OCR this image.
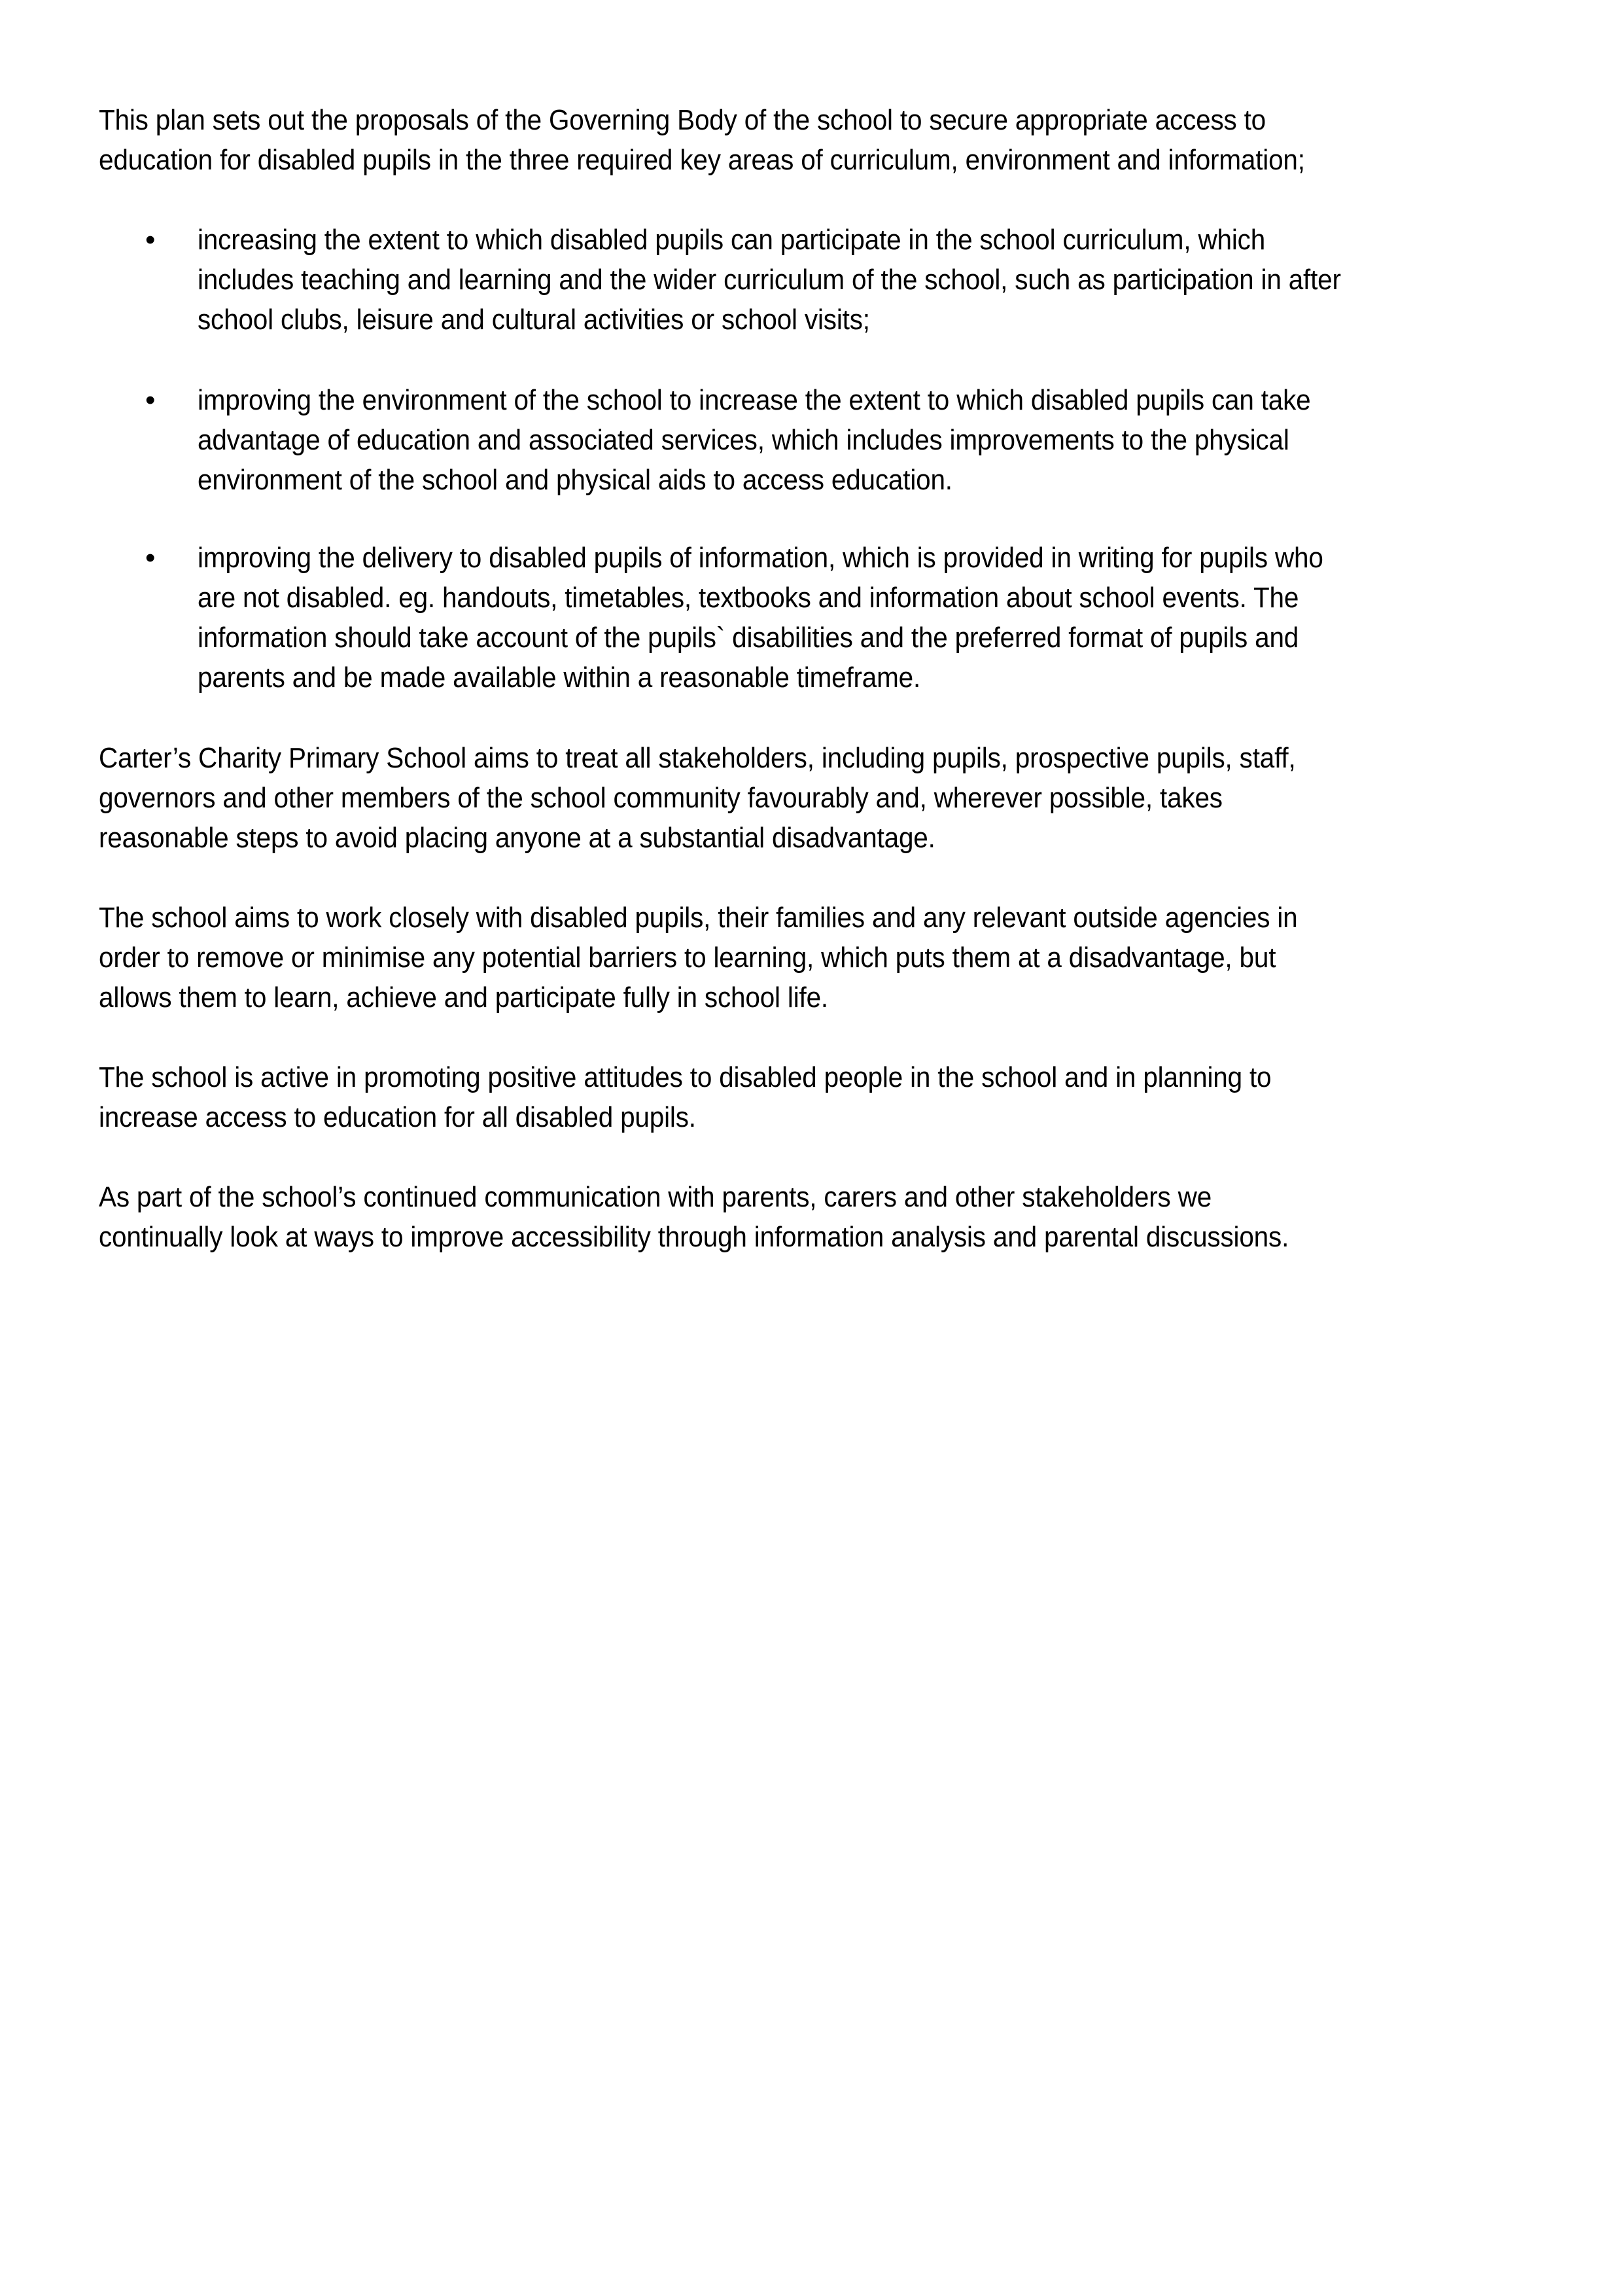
This plan sets out the proposals of the Governing Body of the school to secure appropriate access to
education for disabled pupils in the three required key areas of curriculum, environment and information;
• increasing the extent to which disabled pupils can participate in the school curriculum, which
includes teaching and learning and the wider curriculum of the school, such as participation in after
school clubs, leisure and cultural activities or school visits;
• improving the environment of the school to increase the extent to which disabled pupils can take
advantage of education and associated services, which includes improvements to the physical
environment of the school and physical aids to access education.
• improving the delivery to disabled pupils of information, which is provided in writing for pupils who
are not disabled. eg. handouts, timetables, textbooks and information about school events. The
information should take account of the pupils` disabilities and the preferred format of pupils and
parents and be made available within a reasonable timeframe.
Carter’s Charity Primary School aims to treat all stakeholders, including pupils, prospective pupils, staff,
governors and other members of the school community favourably and, wherever possible, takes
reasonable steps to avoid placing anyone at a substantial disadvantage.
The school aims to work closely with disabled pupils, their families and any relevant outside agencies in
order to remove or minimise any potential barriers to learning, which puts them at a disadvantage, but
allows them to learn, achieve and participate fully in school life.
The school is active in promoting positive attitudes to disabled people in the school and in planning to
increase access to education for all disabled pupils.
As part of the school’s continued communication with parents, carers and other stakeholders we
continually look at ways to improve accessibility through information analysis and parental discussions.
